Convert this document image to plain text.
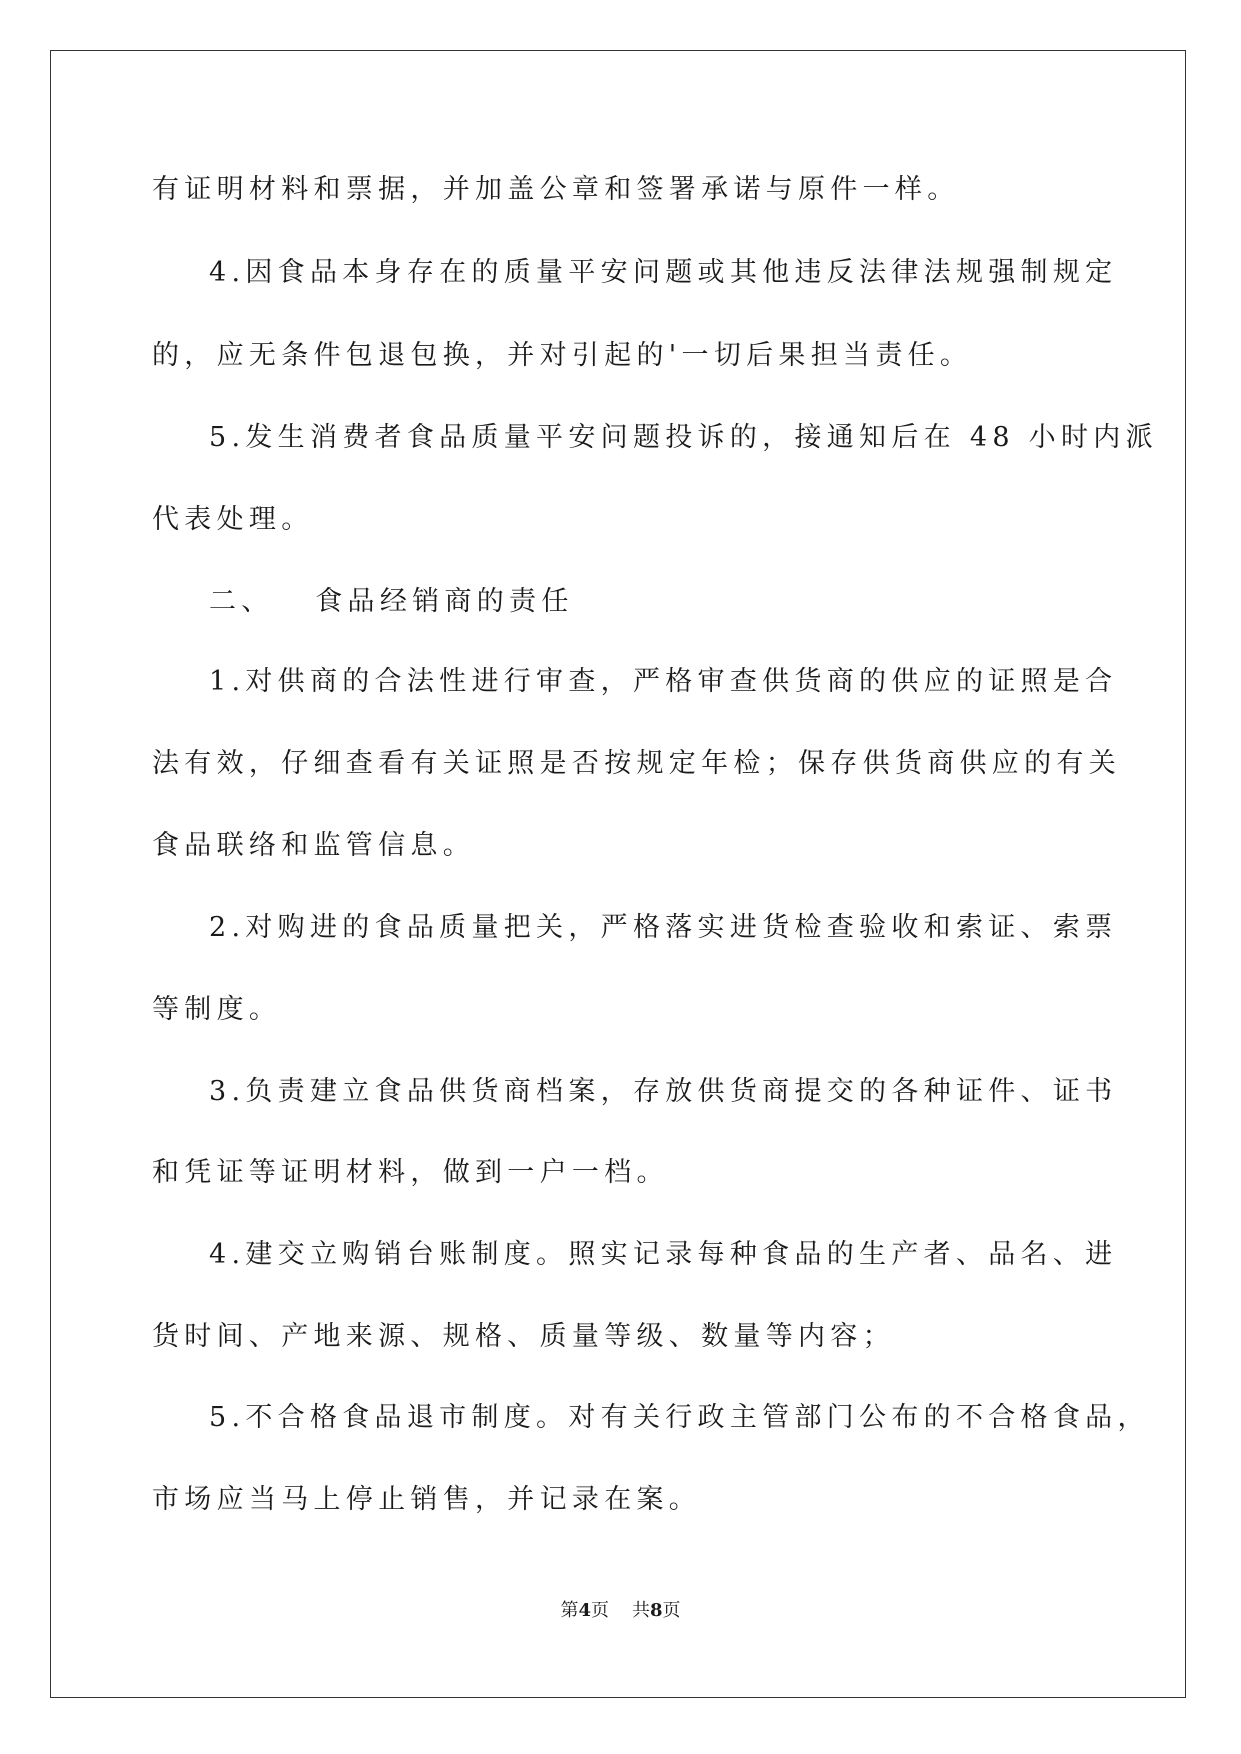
有证明材料和票据，并加盖公章和签署承诺与原件一样。
4.因食品本身存在的质量平安问题或其他违反法律法规强制规定
的，应无条件包退包换，并对引起的'一切后果担当责任。
5.发生消费者食品质量平安问题投诉的，接通知后在 48 小时内派
代表处理。
二、   食品经销商的责任
1.对供商的合法性进行审查，严格审查供货商的供应的证照是合
法有效，仔细查看有关证照是否按规定年检；保存供货商供应的有关
食品联络和监管信息。
2.对购进的食品质量把关，严格落实进货检查验收和索证、索票
等制度。
3.负责建立食品供货商档案，存放供货商提交的各种证件、证书
和凭证等证明材料，做到一户一档。
4.建交立购销台账制度。照实记录每种食品的生产者、品名、进
货时间、产地来源、规格、质量等级、数量等内容；
5.不合格食品退市制度。对有关行政主管部门公布的不合格食品，
市场应当马上停止销售，并记录在案。
第4页 共8页
